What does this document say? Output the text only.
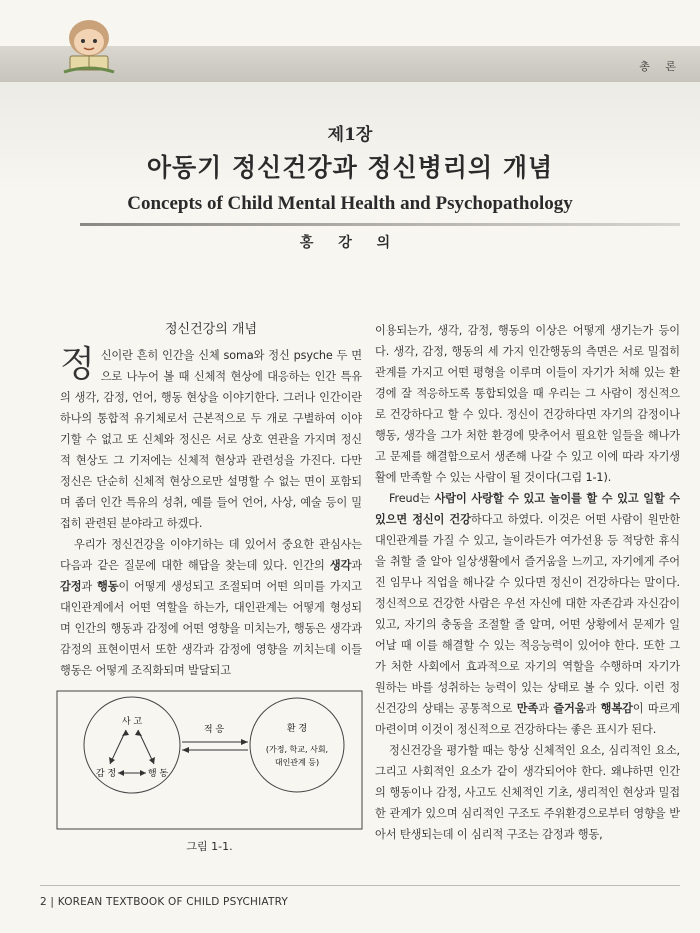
총 론
제1장
아동기 정신건강과 정신병리의 개념
Concepts of Child Mental Health and Psychopathology
홍 강 의
정신건강의 개념

정신이란 흔히 인간을 신체 soma와 정신 psyche 두 면으로 나누어 볼 때 신체적 현상에 대응하는 인간 특유의 생각, 감정, 언어, 행동 현상을 이야기한다. 그러나 인간이란 하나의 통합적 유기체로서 근본적으로 두 개로 구별하여 이야기할 수 없고 또 신체와 정신은 서로 상호 연관을 가지며 정신적 현상도 그 기저에는 신체적 현상과 관련성을 가진다. 다만 정신은 단순히 신체적 현상으로만 설명할 수 없는 면이 포함되며 좀더 인간 특유의 성취, 예를 들어 언어, 사상, 예술 등이 밀접히 관련된 분야라고 하겠다.

우리가 정신건강을 이야기하는 데 있어서 중요한 관심사는 다음과 같은 질문에 대한 해답을 찾는데 있다. 인간의 생각과 감정과 행동이 어떻게 생성되고 조절되며 어떤 의미를 가지고 대인관계에서 어떤 역할을 하는가, 대인관계는 어떻게 형성되며 인간의 행동과 감정에 어떤 영향을 미치는가, 행동은 생각과 감정의 표현이면서 또한 생각과 감정에 영향을 끼치는데 이들 행동은 어떻게 조직화되며 발달되고

이용되는가, 생각, 감정, 행동의 이상은 어떻게 생기는가 등이다. 생각, 감정, 행동의 세 가지 인간행동의 측면은 서로 밀접히 관계를 가지고 어떤 평형을 이루며 이들이 자기가 처해 있는 환경에 잘 적응하도록 통합되었을 때 우리는 그 사람이 정신적으로 건강하다고 할 수 있다. 정신이 건강하다면 자기의 감정이나 행동, 생각을 그가 처한 환경에 맞추어서 필요한 일들을 해나가고 문제를 해결함으로서 생존해 나갈 수 있고 이에 따라 자기생활에 만족할 수 있는 사람이 될 것이다(그림 1-1).

Freud는 사람이 사랑할 수 있고 놀이를 할 수 있고 일할 수 있으면 정신이 건강하다고 하였다. 이것은 어떤 사람이 원만한 대인관계를 가질 수 있고, 놀이라든가 여가선용 등 적당한 휴식을 취할 줄 알아 일상생활에서 즐거움을 느끼고, 자기에게 주어진 임무나 직업을 해나갈 수 있다면 정신이 건강하다는 말이다. 정신적으로 건강한 사람은 우선 자신에 대한 자존감과 자신감이 있고, 자기의 충동을 조절할 줄 알며, 어떤 상황에서 문제가 일어날 때 이를 해결할 수 있는 적응능력이 있어야 한다. 또한 그가 처한 사회에서 효과적으로 자기의 역할을 수행하며 자기가 원하는 바를 성취하는 능력이 있는 상태로 볼 수 있다. 이런 정신건강의 상태는 공통적으로 만족과 즐거움과 행복감이 따르게 마련이며 이것이 정신적으로 건강하다는 좋은 표시가 된다.

정신건강을 평가할 때는 항상 신체적인 요소, 심리적인 요소, 그리고 사회적인 요소가 같이 생각되어야 한다. 왜냐하면 인간의 행동이나 감정, 사고도 신체적인 기초, 생리적인 현상과 밀접한 관계가 있으며 심리적인 구조도 주위환경으로부터 영향을 받아서 탄생되는데 이 심리적 구조는 감정과 행동,

사 고
감 정	행 동
적 응	환 경
(가정, 학교, 사회,
대인관계 등)
그림 1-1.
2 | KOREAN TEXTBOOK OF CHILD PSYCHIATRY
